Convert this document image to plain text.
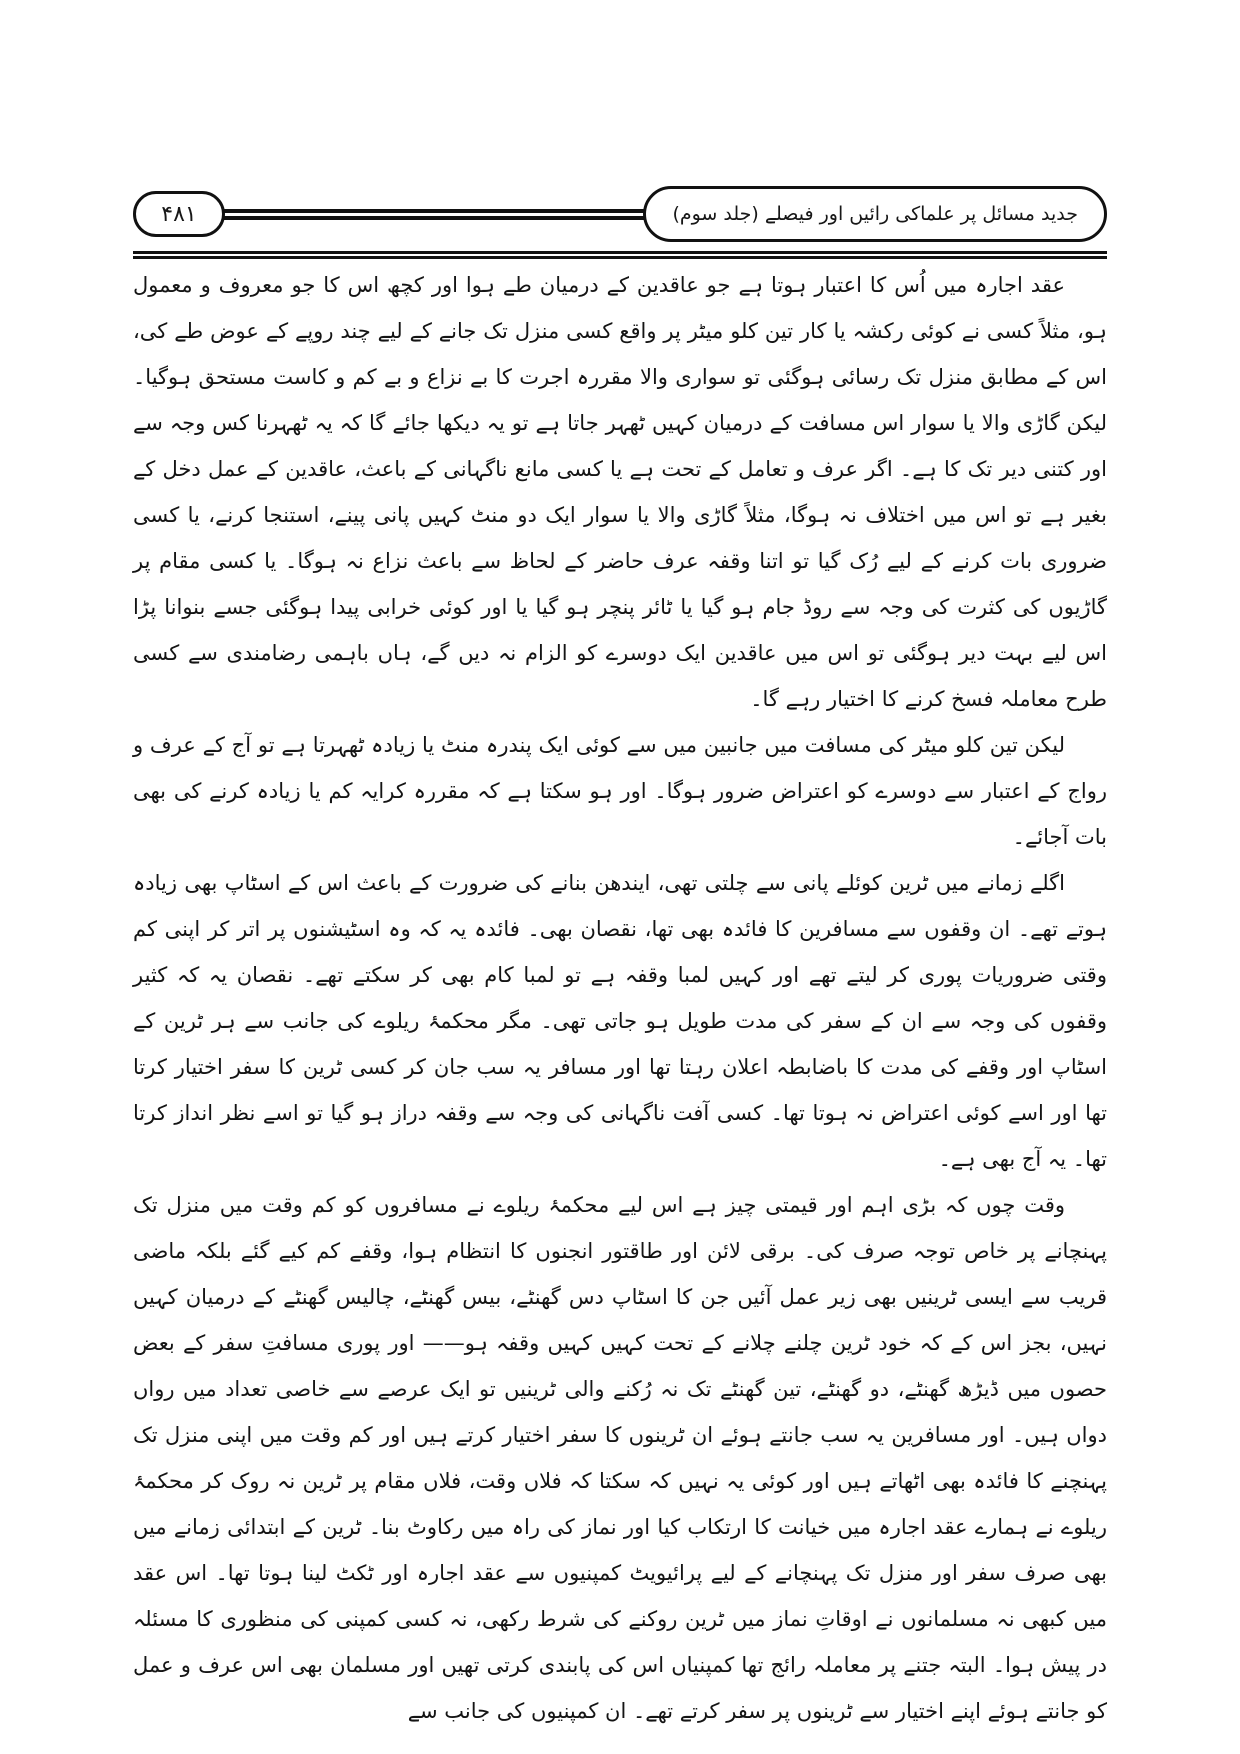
۴۸۱	جدید مسائل پر علماکی رائیں اور فیصلے (جلد سوم)

عقد اجارہ میں اُس کا اعتبار ہوتا ہے جو عاقدین کے درمیان طے ہوا اور کچھ اس کا جو معروف و معمول ہو، مثلاً کسی نے کوئی رکشہ یا کار تین کلو میٹر پر واقع کسی منزل تک جانے کے لیے چند روپے کے عوض طے کی، اس کے مطابق منزل تک رسائی ہوگئی تو سواری والا مقررہ اجرت کا بے نزاع و بے کم و کاست مستحق ہوگیا۔ لیکن گاڑی والا یا سوار اس مسافت کے درمیان کہیں ٹھہر جاتا ہے تو یہ دیکھا جائے گا کہ یہ ٹھہرنا کس وجہ سے اور کتنی دیر تک کا ہے۔ اگر عرف و تعامل کے تحت ہے یا کسی مانع ناگہانی کے باعث، عاقدین کے عمل دخل کے بغیر ہے تو اس میں اختلاف نہ ہوگا، مثلاً گاڑی والا یا سوار ایک دو منٹ کہیں پانی پینے، استنجا کرنے، یا کسی ضروری بات کرنے کے لیے رُک گیا تو اتنا وقفہ عرف حاضر کے لحاظ سے باعث نزاع نہ ہوگا۔ یا کسی مقام پر گاڑیوں کی کثرت کی وجہ سے روڈ جام ہو گیا یا ٹائر پنچر ہو گیا یا اور کوئی خرابی پیدا ہوگئی جسے بنوانا پڑا اس لیے بہت دیر ہوگئی تو اس میں عاقدین ایک دوسرے کو الزام نہ دیں گے، ہاں باہمی رضامندی سے کسی طرح معاملہ فسخ کرنے کا اختیار رہے گا۔

لیکن تین کلو میٹر کی مسافت میں جانبین میں سے کوئی ایک پندرہ منٹ یا زیادہ ٹھہرتا ہے تو آج کے عرف و رواج کے اعتبار سے دوسرے کو اعتراض ضرور ہوگا۔ اور ہو سکتا ہے کہ مقررہ کرایہ کم یا زیادہ کرنے کی بھی بات آجائے۔

اگلے زمانے میں ٹرین کوئلے پانی سے چلتی تھی، ایندھن بنانے کی ضرورت کے باعث اس کے اسٹاپ بھی زیادہ ہوتے تھے۔ ان وقفوں سے مسافرین کا فائدہ بھی تھا، نقصان بھی۔ فائدہ یہ کہ وہ اسٹیشنوں پر اتر کر اپنی کم وقتی ضروریات پوری کر لیتے تھے اور کہیں لمبا وقفہ ہے تو لمبا کام بھی کر سکتے تھے۔ نقصان یہ کہ کثیر وقفوں کی وجہ سے ان کے سفر کی مدت طویل ہو جاتی تھی۔ مگر محکمۂ ریلوے کی جانب سے ہر ٹرین کے اسٹاپ اور وقفے کی مدت کا باضابطہ اعلان رہتا تھا اور مسافر یہ سب جان کر کسی ٹرین کا سفر اختیار کرتا تھا اور اسے کوئی اعتراض نہ ہوتا تھا۔ کسی آفت ناگہانی کی وجہ سے وقفہ دراز ہو گیا تو اسے نظر انداز کرتا تھا۔ یہ آج بھی ہے۔

وقت چوں کہ بڑی اہم اور قیمتی چیز ہے اس لیے محکمۂ ریلوے نے مسافروں کو کم وقت میں منزل تک پہنچانے پر خاص توجہ صرف کی۔ برقی لائن اور طاقتور انجنوں کا انتظام ہوا، وقفے کم کیے گئے بلکہ ماضی قریب سے ایسی ٹرینیں بھی زیر عمل آئیں جن کا اسٹاپ دس گھنٹے، بیس گھنٹے، چالیس گھنٹے کے درمیان کہیں نہیں، بجز اس کے کہ خود ٹرین چلنے چلانے کے تحت کہیں کہیں وقفہ ہو—— اور پوری مسافتِ سفر کے بعض حصوں میں ڈیڑھ گھنٹے، دو گھنٹے، تین گھنٹے تک نہ رُکنے والی ٹرینیں تو ایک عرصے سے خاصی تعداد میں رواں دواں ہیں۔ اور مسافرین یہ سب جانتے ہوئے ان ٹرینوں کا سفر اختیار کرتے ہیں اور کم وقت میں اپنی منزل تک پہنچنے کا فائدہ بھی اٹھاتے ہیں اور کوئی یہ نہیں کہ سکتا کہ فلاں وقت، فلاں مقام پر ٹرین نہ روک کر محکمۂ ریلوے نے ہمارے عقد اجارہ میں خیانت کا ارتکاب کیا اور نماز کی راہ میں رکاوٹ بنا۔ ٹرین کے ابتدائی زمانے میں بھی صرف سفر اور منزل تک پہنچانے کے لیے پرائیویٹ کمپنیوں سے عقد اجارہ اور ٹکٹ لینا ہوتا تھا۔ اس عقد میں کبھی نہ مسلمانوں نے اوقاتِ نماز میں ٹرین روکنے کی شرط رکھی، نہ کسی کمپنی کی منظوری کا مسئلہ در پیش ہوا۔ البتہ جتنے پر معاملہ رائج تھا کمپنیاں اس کی پابندی کرتی تھیں اور مسلمان بھی اس عرف و عمل کو جانتے ہوئے اپنے اختیار سے ٹرینوں پر سفر کرتے تھے۔ ان کمپنیوں کی جانب سے
